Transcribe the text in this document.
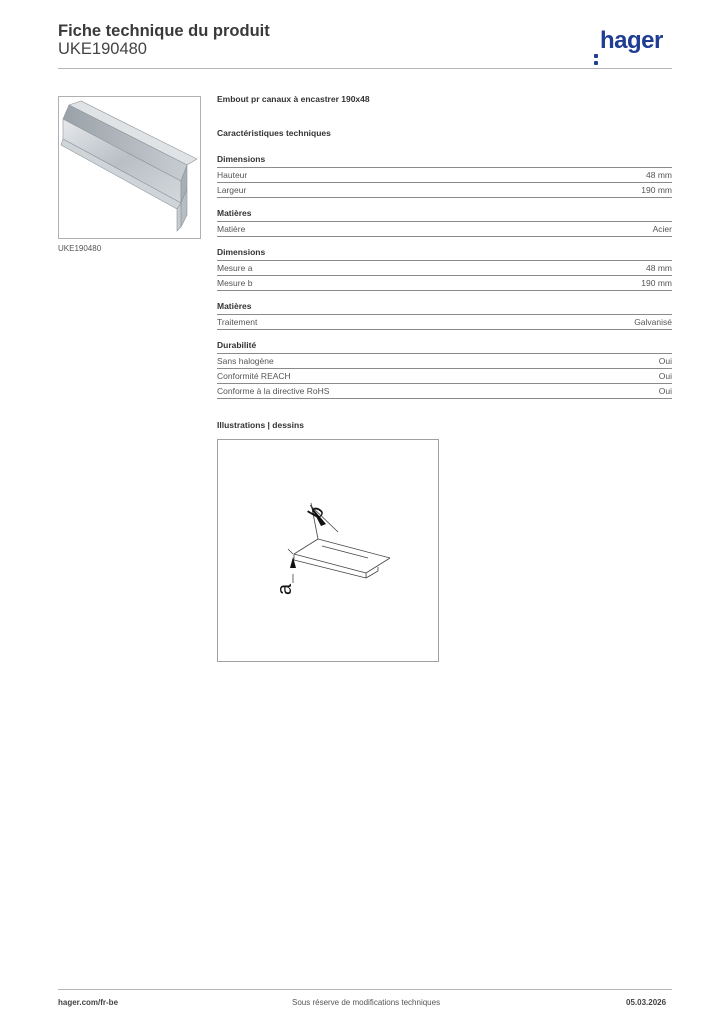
Fiche technique du produit
UKE190480	hager
UKE190480
Embout pr canaux à encastrer 190x48
Caractéristiques techniques
Dimensions
Hauteur	48 mm
Largeur	190 mm
Matières
Matière	Acier
Dimensions
Mesure a	48 mm
Mesure b	190 mm
Matières
Traitement	Galvanisé
Durabilité
Sans halogène	Oui
Conformité REACH	Oui
Conforme à la directive RoHS	Oui
Illustrations | dessins
b
a
hager.com/fr-be	Sous réserve de modifications techniques	05.03.2026
